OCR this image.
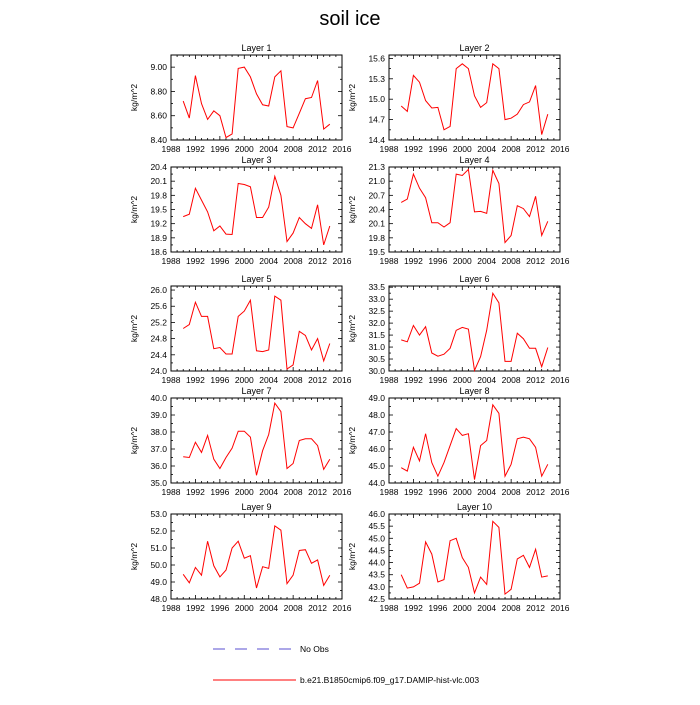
soil ice
Layer 1
1988 1992 1996 2000 2004 2008 2012 2016
8.40
8.60
8.80
9.00
kg/m^2
Layer 2
1988 1992 1996 2000 2004 2008 2012 2016
14.4
14.7
15.0
15.3
15.6
kg/m^2
Layer 3
1988 1992 1996 2000 2004 2008 2012 2016
18.6
18.9
19.2
19.5
19.8
20.1
20.4
kg/m^2
Layer 4
1988 1992 1996 2000 2004 2008 2012 2016
19.5
19.8
20.1
20.4
20.7
21.0
21.3
kg/m^2
Layer 5
1988 1992 1996 2000 2004 2008 2012 2016
24.0
24.4
24.8
25.2
25.6
26.0
kg/m^2
Layer 6
1988 1992 1996 2000 2004 2008 2012 2016
30.0
30.5
31.0
31.5
32.0
32.5
33.0
33.5
kg/m^2
Layer 7
1988 1992 1996 2000 2004 2008 2012 2016
35.0
36.0
37.0
38.0
39.0
40.0
kg/m^2
Layer 8
1988 1992 1996 2000 2004 2008 2012 2016
44.0
45.0
46.0
47.0
48.0
49.0
kg/m^2
Layer 9
1988 1992 1996 2000 2004 2008 2012 2016
48.0
49.0
50.0
51.0
52.0
53.0
kg/m^2
Layer 10
1988 1992 1996 2000 2004 2008 2012 2016
42.5
43.0
43.5
44.0
44.5
45.0
45.5
46.0
kg/m^2
No Obs
b.e21.B1850cmip6.f09_g17.DAMIP-hist-vlc.003
